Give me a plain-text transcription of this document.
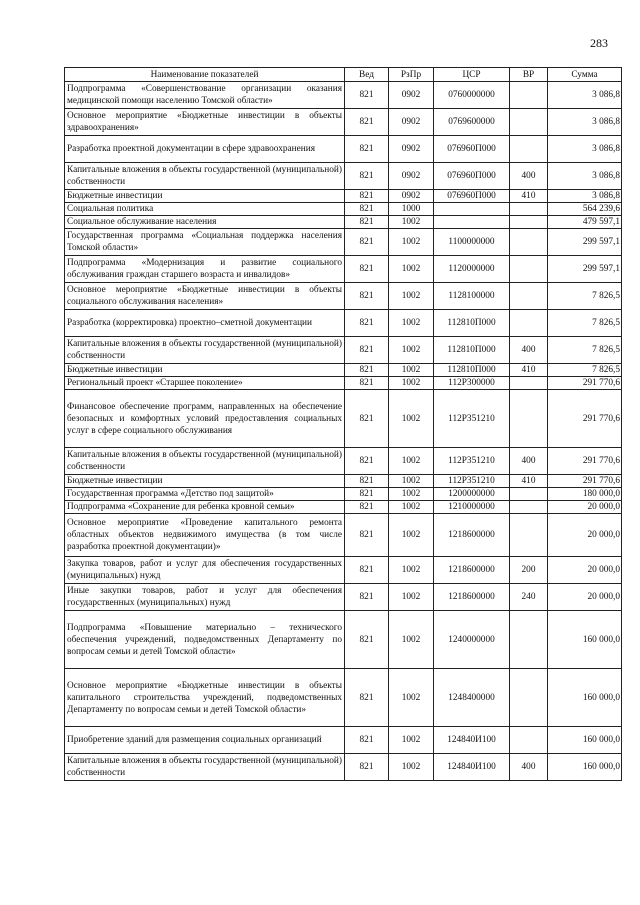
283
Наименование показателей	Вед	РзПр	ЦСР	ВР	Сумма
Подпрограмма «Совершенствование организации оказания медицинской помощи населению Томской области»	821	0902	0760000000		3 086,8
Основное мероприятие «Бюджетные инвестиции в объекты здравоохранения»	821	0902	0769600000		3 086,8
Разработка проектной документации в сфере здравоохранения	821	0902	076960П000		3 086,8
Капитальные вложения в объекты государственной (муниципальной) собственности	821	0902	076960П000	400	3 086,8
Бюджетные инвестиции	821	0902	076960П000	410	3 086,8
Социальная политика	821	1000			564 239,6
Социальное обслуживание населения	821	1002			479 597,1
Государственная программа «Социальная поддержка населения Томской области»	821	1002	1100000000		299 597,1
Подпрограмма «Модернизация и развитие социального обслуживания граждан старшего возраста и инвалидов»	821	1002	1120000000		299 597,1
Основное мероприятие «Бюджетные инвестиции в объекты социального обслуживания населения»	821	1002	1128100000		7 826,5
Разработка (корректировка) проектно–сметной документации	821	1002	112810П000		7 826,5
Капитальные вложения в объекты государственной (муниципальной) собственности	821	1002	112810П000	400	7 826,5
Бюджетные инвестиции	821	1002	112810П000	410	7 826,5
Региональный проект «Старшее поколение»	821	1002	112P300000		291 770,6
Финансовое обеспечение программ, направленных на обеспечение безопасных и комфортных условий предоставления социальных услуг в сфере социального обслуживания	821	1002	112P351210		291 770,6
Капитальные вложения в объекты государственной (муниципальной) собственности	821	1002	112P351210	400	291 770,6
Бюджетные инвестиции	821	1002	112P351210	410	291 770,6
Государственная программа «Детство под защитой»	821	1002	1200000000		180 000,0
Подпрограмма «Сохранение для ребенка кровной семьи»	821	1002	1210000000		20 000,0
Основное мероприятие «Проведение капитального ремонта областных объектов недвижимого имущества (в том числе разработка проектной документации)»	821	1002	1218600000		20 000,0
Закупка товаров, работ и услуг для обеспечения государственных (муниципальных) нужд	821	1002	1218600000	200	20 000,0
Иные закупки товаров, работ и услуг для обеспечения государственных (муниципальных) нужд	821	1002	1218600000	240	20 000,0
Подпрограмма «Повышение материально – технического обеспечения учреждений, подведомственных Департаменту по вопросам семьи и детей Томской области»	821	1002	1240000000		160 000,0
Основное мероприятие «Бюджетные инвестиции в объекты капитального строительства учреждений, подведомственных Департаменту по вопросам семьи и детей Томской области»	821	1002	1248400000		160 000,0
Приобретение зданий для размещения социальных организаций	821	1002	124840И100		160 000,0
Капитальные вложения в объекты государственной (муниципальной) собственности	821	1002	124840И100	400	160 000,0
